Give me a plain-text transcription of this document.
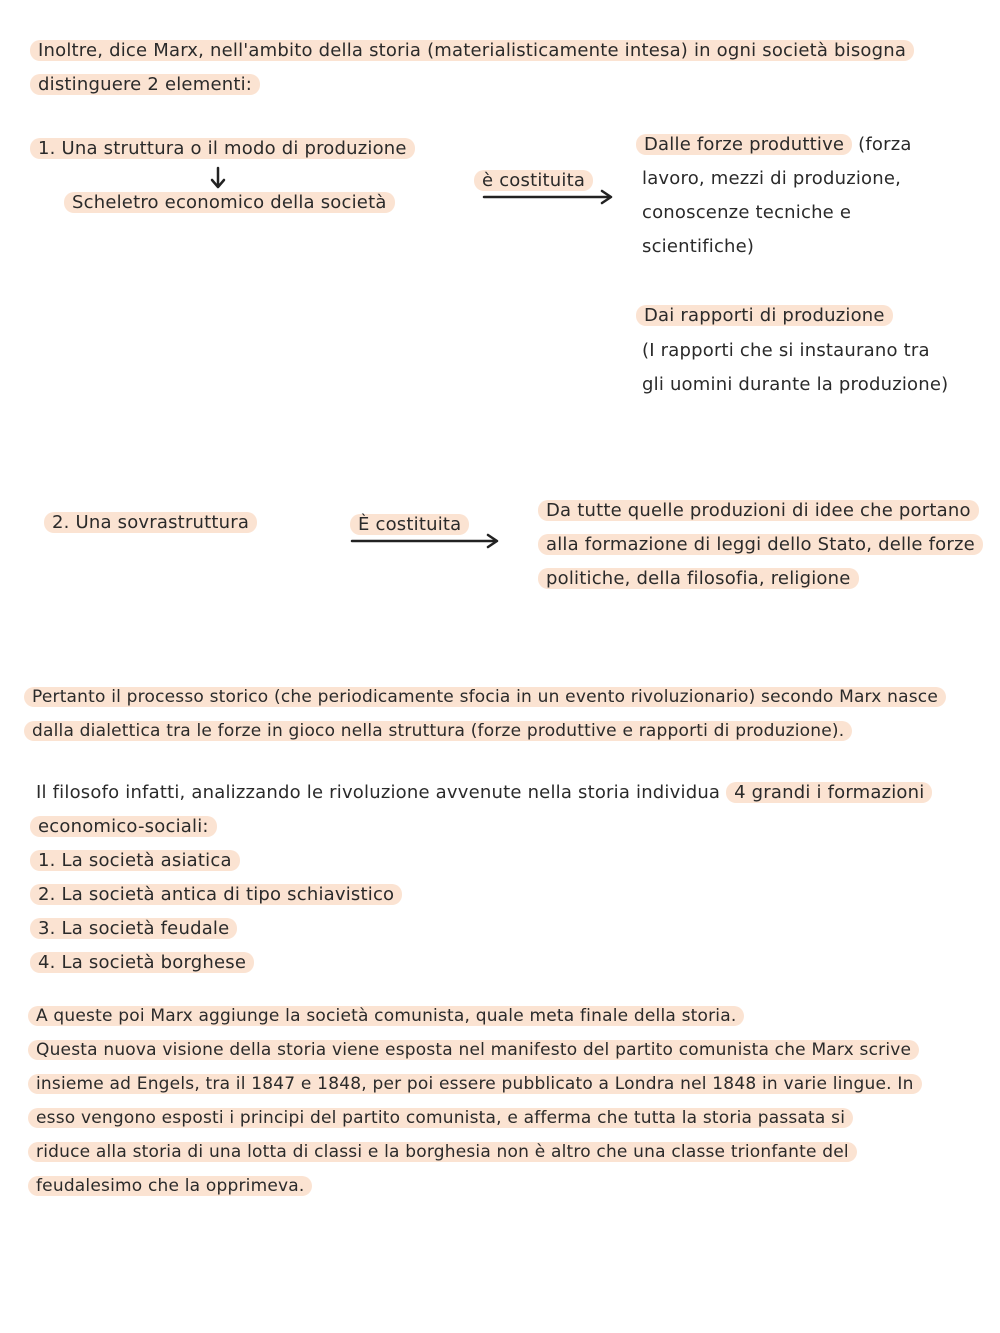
Inoltre, dice Marx, nell'ambito della storia (materialisticamente intesa) in ogni società bisogna
distinguere 2 elementi:
1. Una struttura o il modo di produzione
Scheletro economico della società
è costituita
Dalle forze produttive (forza
lavoro, mezzi di produzione,
conoscenze tecniche e
scientifiche)
Dai rapporti di produzione
(I rapporti che si instaurano tra
gli uomini durante la produzione)
2. Una sovrastruttura	È costituita
Da tutte quelle produzioni di idee che portano
alla formazione di leggi dello Stato, delle forze
politiche, della filosofia, religione
Pertanto il processo storico (che periodicamente sfocia in un evento rivoluzionario) secondo Marx nasce
dalla dialettica tra le forze in gioco nella struttura (forze produttive e rapporti di produzione).
Il filosofo infatti, analizzando le rivoluzione avvenute nella storia individua 4 grandi i formazioni
economico-sociali:
1. La società asiatica
2. La società antica di tipo schiavistico
3. La società feudale
4. La società borghese
A queste poi Marx aggiunge la società comunista, quale meta finale della storia.
Questa nuova visione della storia viene esposta nel manifesto del partito comunista che Marx scrive
insieme ad Engels, tra il 1847 e 1848, per poi essere pubblicato a Londra nel 1848 in varie lingue. In
esso vengono esposti i principi del partito comunista, e afferma che tutta la storia passata si
riduce alla storia di una lotta di classi e la borghesia non è altro che una classe trionfante del
feudalesimo che la opprimeva.
